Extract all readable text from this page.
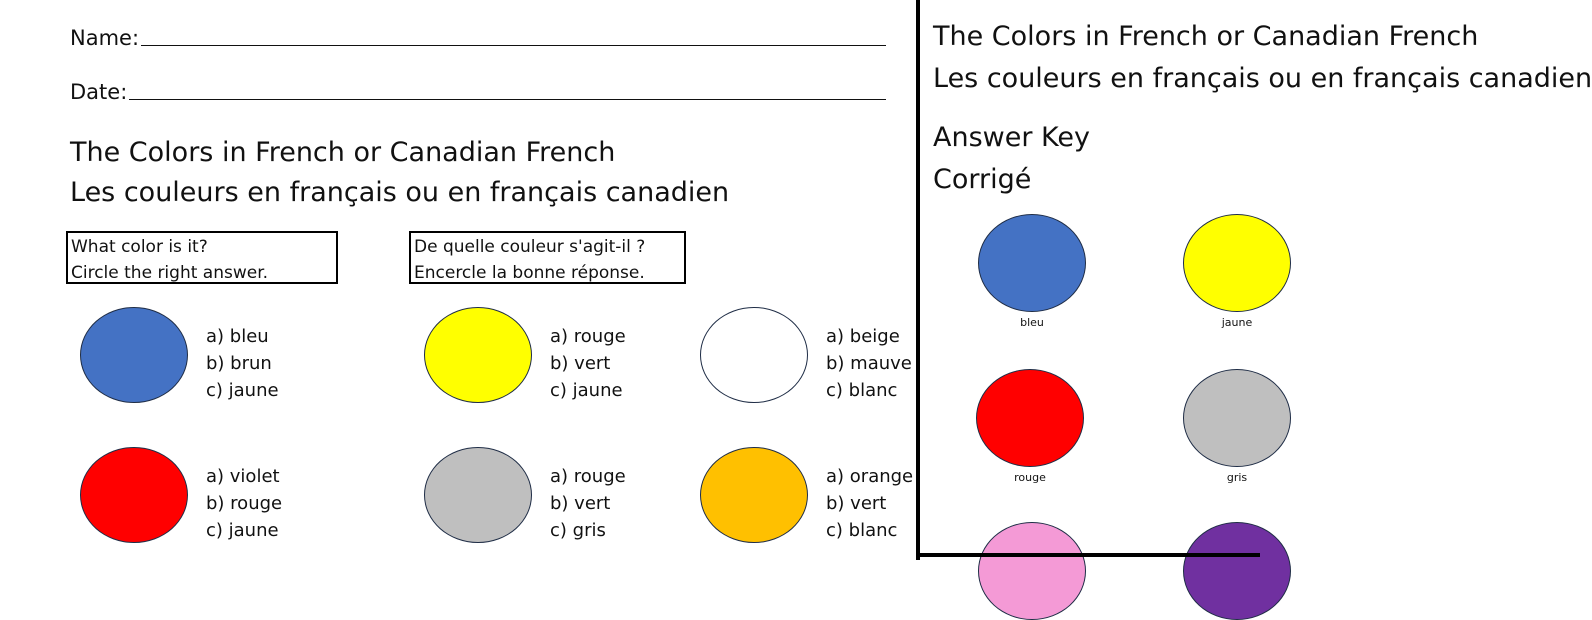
Name:
Date:
The Colors in French or Canadian French
Les couleurs en français ou en français canadien
What color is it?
Circle the right answer.
De quelle couleur s'agit-il ?
Encercle la bonne réponse.
a) bleu
b) brun
c) jaune
a) rouge
b) vert
c) jaune
a) beige
b) mauve
c) blanc
a) violet
b) rouge
c) jaune
a) rouge
b) vert
c) gris
a) orange
b) vert
c) blanc
The Colors in French or Canadian French
Les couleurs en français ou en français canadien
Answer Key
Corrigé
bleu	jaune
rouge	gris
